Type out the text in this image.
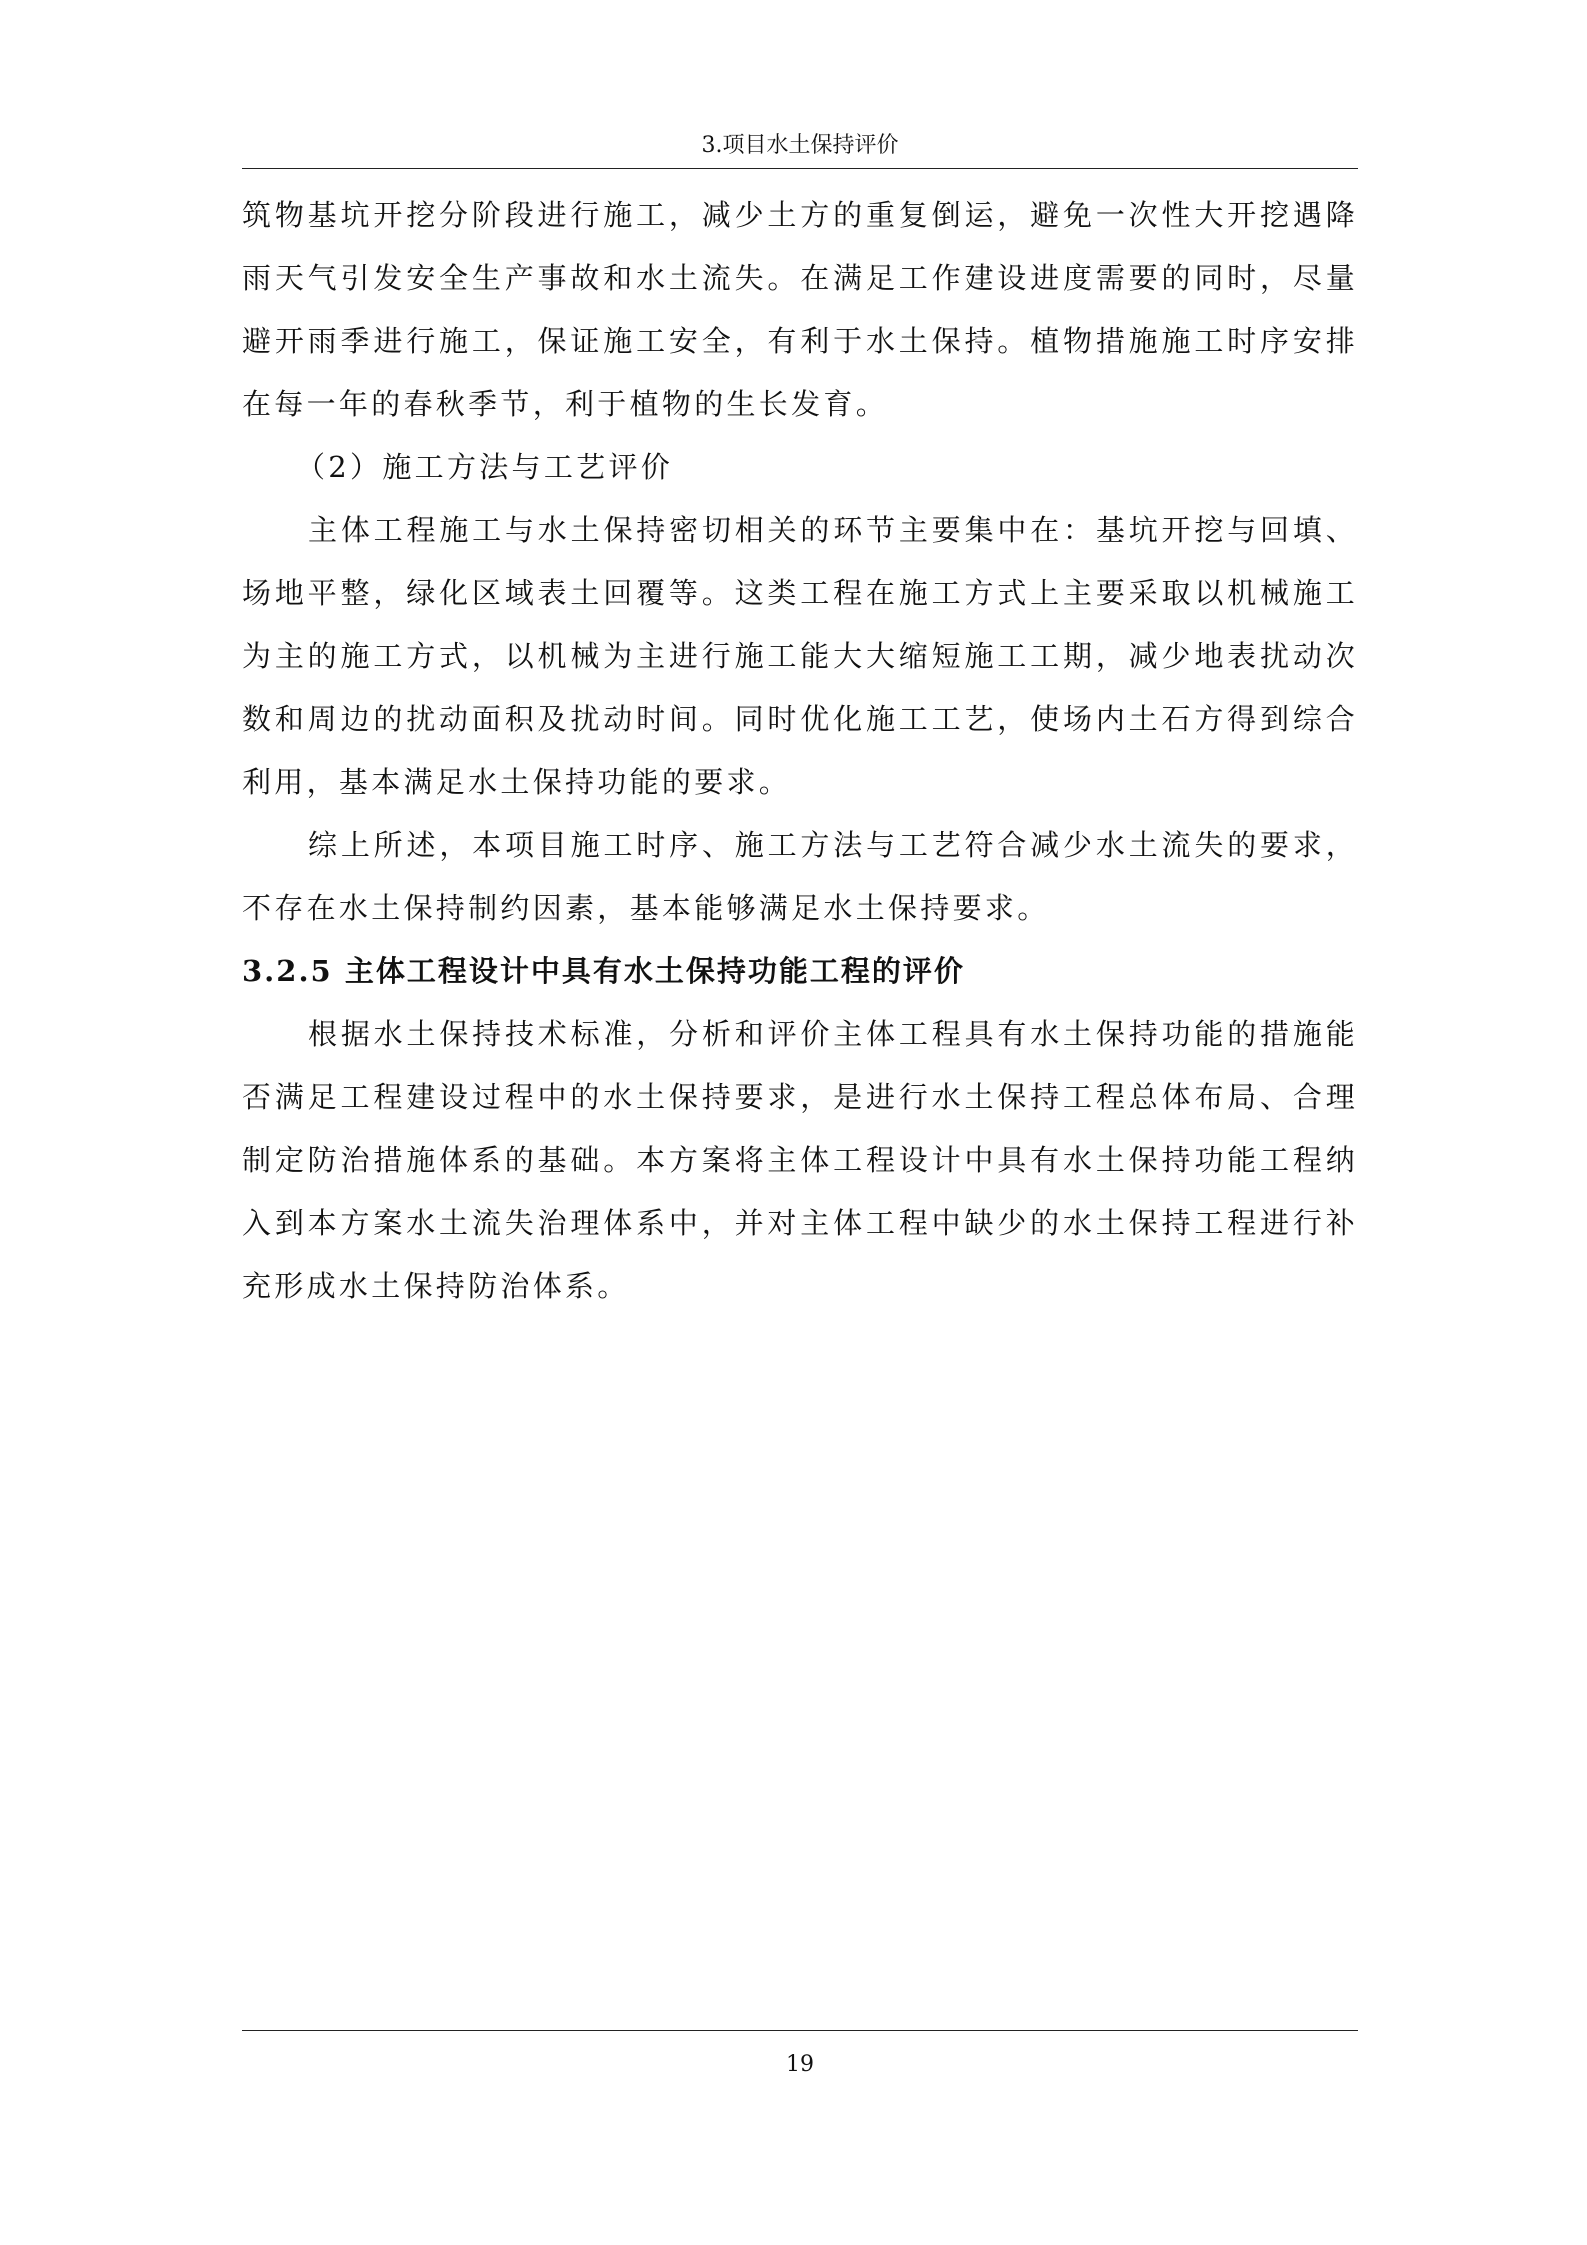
3.项目水土保持评价

筑物基坑开挖分阶段进行施工，减少土方的重复倒运，避免一次性大开挖遇降雨天气引发安全生产事故和水土流失。在满足工作建设进度需要的同时，尽量避开雨季进行施工，保证施工安全，有利于水土保持。植物措施施工时序安排在每一年的春秋季节，利于植物的生长发育。

（2）施工方法与工艺评价

主体工程施工与水土保持密切相关的环节主要集中在：基坑开挖与回填、场地平整，绿化区域表土回覆等。这类工程在施工方式上主要采取以机械施工为主的施工方式，以机械为主进行施工能大大缩短施工工期，减少地表扰动次数和周边的扰动面积及扰动时间。同时优化施工工艺，使场内土石方得到综合利用，基本满足水土保持功能的要求。

综上所述，本项目施工时序、施工方法与工艺符合减少水土流失的要求，不存在水土保持制约因素，基本能够满足水土保持要求。

3.2.5 主体工程设计中具有水土保持功能工程的评价

根据水土保持技术标准，分析和评价主体工程具有水土保持功能的措施能否满足工程建设过程中的水土保持要求，是进行水土保持工程总体布局、合理制定防治措施体系的基础。本方案将主体工程设计中具有水土保持功能工程纳入到本方案水土流失治理体系中，并对主体工程中缺少的水土保持工程进行补充形成水土保持防治体系。

19
